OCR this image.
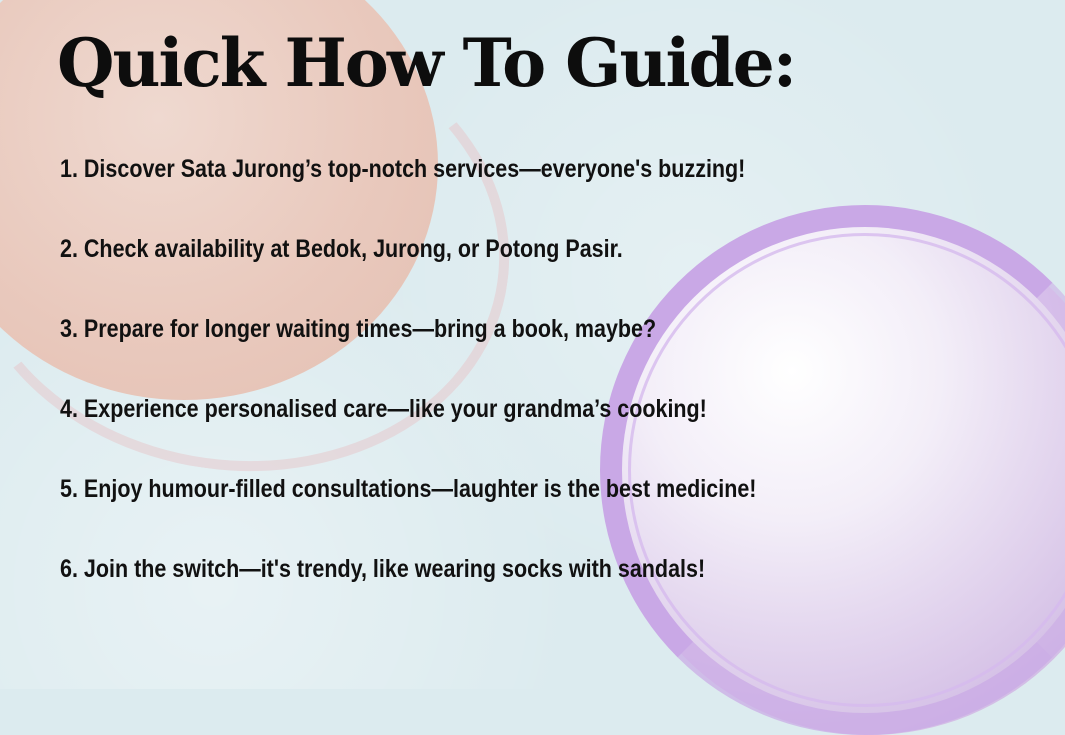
Quick How To Guide:
1. Discover Sata Jurong’s top-notch services—everyone's buzzing!
2. Check availability at Bedok, Jurong, or Potong Pasir.
3. Prepare for longer waiting times—bring a book, maybe?
4. Experience personalised care—like your grandma’s cooking!
5. Enjoy humour-filled consultations—laughter is the best medicine!
6. Join the switch—it's trendy, like wearing socks with sandals!
